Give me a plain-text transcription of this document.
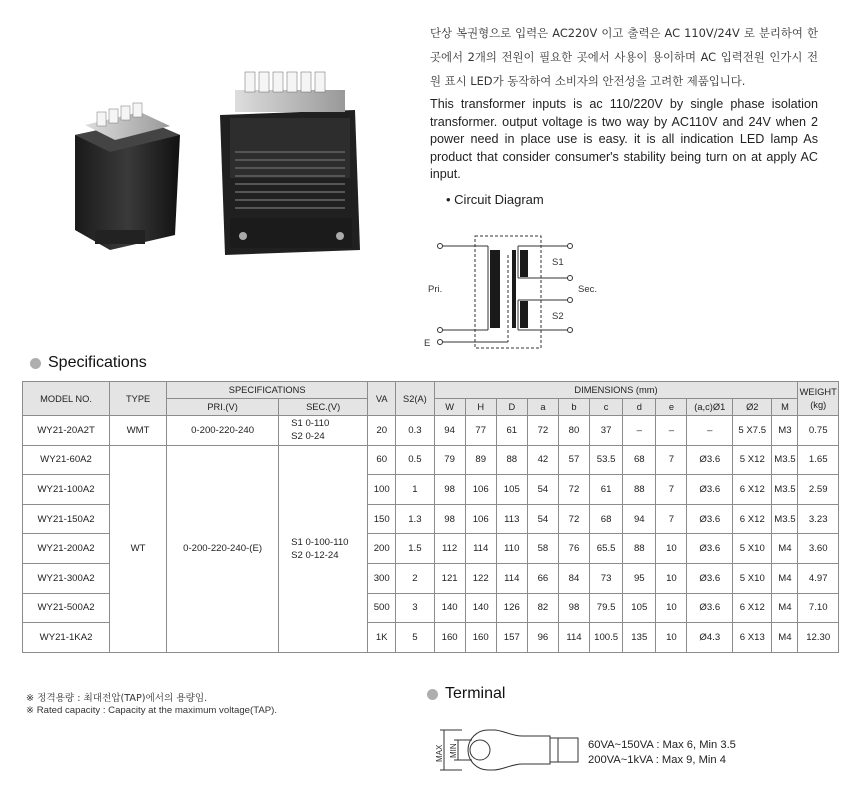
단상 복권형으로 입력은 AC220V 이고 출력은 AC 110V/24V 로 분리하여 한곳에서 2개의 전원이 필요한 곳에서 사용이 용이하며 AC 입력전원 인가시 전원 표시 LED가 동작하여 소비자의 안전성을 고려한 제품입니다.
This transformer inputs is ac 110/220V by single phase isolation transformer. output voltage is two way by AC110V and 24V when 2 power need in place use is easy. it is all indication LED lamp As product that consider consumer's stability being turn on at apply AC input.
• Circuit Diagram
Pri.	Sec.
S1
S2
E
Specifications
MODEL NO.	TYPE	SPECIFICATIONS		VA	S2(A)	DIMENSIONS (mm)											WEIGHT
(kg)
		PRI.(V)	SEC.(V)			W	H	D	a	b	c	d	e	(a,c)Ø1	Ø2	M	
WY21-20A2T	WMT	0-200-220-240	S1 0-110
S2 0-24	20	0.3	94	77	61	72	80	37	–	–	–	5 X7.5	M3	0.75
WY21-60A2	WT	0-200-220-240-(E)	S1 0-100-110
S2 0-12-24	60	0.5	79	89	88	42	57	53.5	68	7	Ø3.6	5 X12	M3.5	1.65
WY21-100A2				100	1	98	106	105	54	72	61	88	7	Ø3.6	6 X12	M3.5	2.59
WY21-150A2				150	1.3	98	106	113	54	72	68	94	7	Ø3.6	6 X12	M3.5	3.23
WY21-200A2				200	1.5	112	114	110	58	76	65.5	88	10	Ø3.6	5 X10	M4	3.60
WY21-300A2				300	2	121	122	114	66	84	73	95	10	Ø3.6	5 X10	M4	4.97
WY21-500A2				500	3	140	140	126	82	98	79.5	105	10	Ø3.6	6 X12	M4	7.10
WY21-1KA2				1K	5	160	160	157	96	114	100.5	135	10	Ø4.3	6 X13	M4	12.30
※ 정격용량 : 최대전압(TAP)에서의 용량임.
※ Rated capacity : Capacity at the maximum voltage(TAP).
Terminal
MAX MIN	60VA~150VA : Max 6, Min 3.5
200VA~1kVA : Max 9, Min 4
